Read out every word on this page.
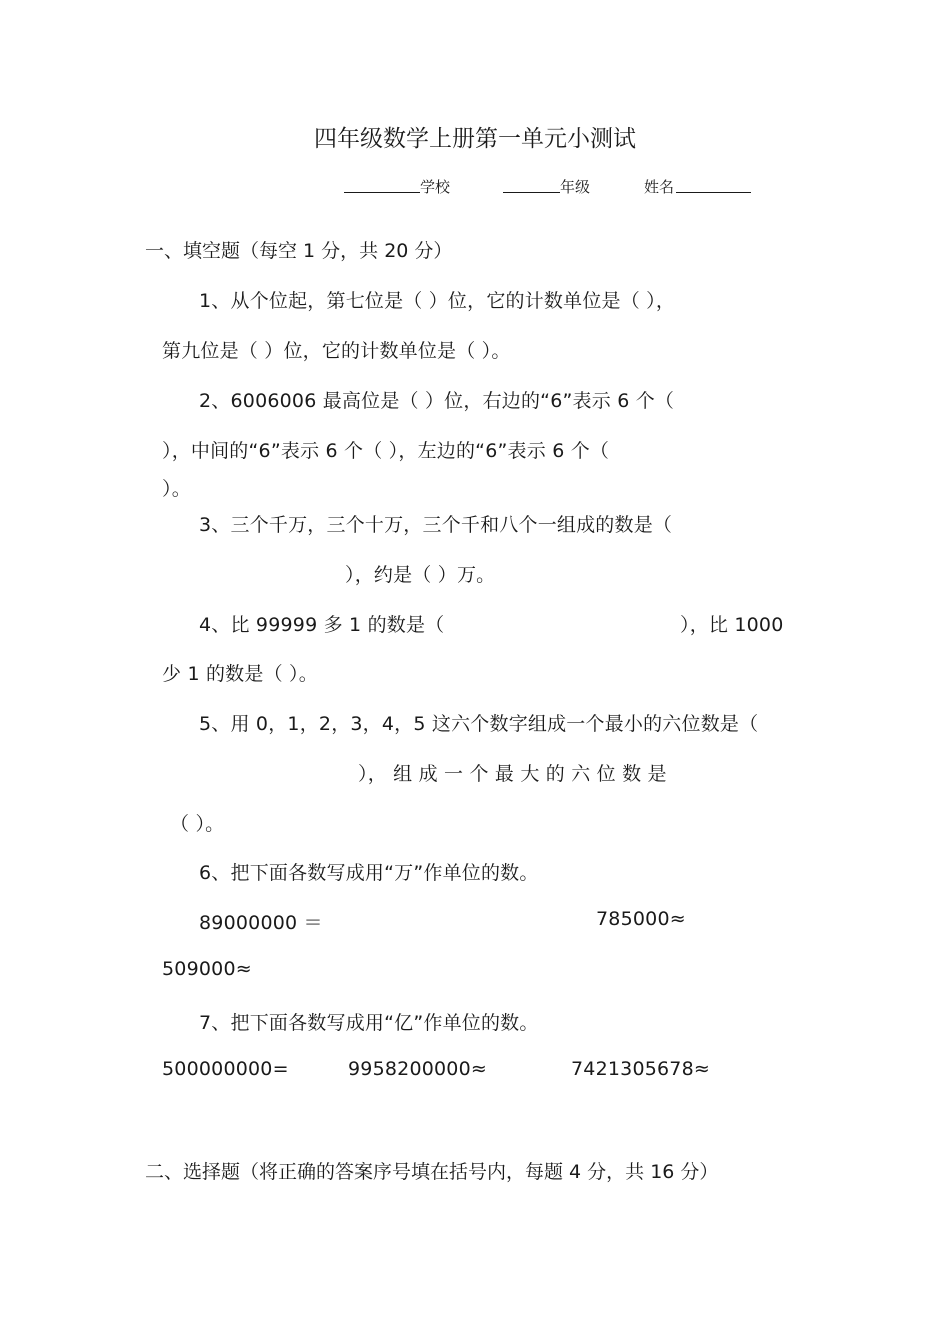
四年级数学上册第一单元小测试
学校	年级	姓名
一、填空题（每空 1 分，共 20 分）
1、从个位起，第七位是（ ）位，它的计数单位是（ ），
第九位是（ ）位，它的计数单位是（ ）。
2、6006006 最高位是（ ）位，右边的“6”表示 6 个（
），中间的“6”表示 6 个（ ），左边的“6”表示 6 个（
）。
3、三个千万，三个十万，三个千和八个一组成的数是（
），约是（ ）万。
4、比 99999 多 1 的数是（	），比 1000
少 1 的数是（ ）。
5、用 0，1，2，3，4，5 这六个数字组成一个最小的六位数是（
）， 组 成 一 个 最 大 的 六 位 数 是
（ ）。
6、把下面各数写成用“万”作单位的数。
89000000 ＝	785000≈
509000≈
7、把下面各数写成用“亿”作单位的数。
500000000=	9958200000≈	7421305678≈
二、选择题（将正确的答案序号填在括号内，每题 4 分，共 16 分）
